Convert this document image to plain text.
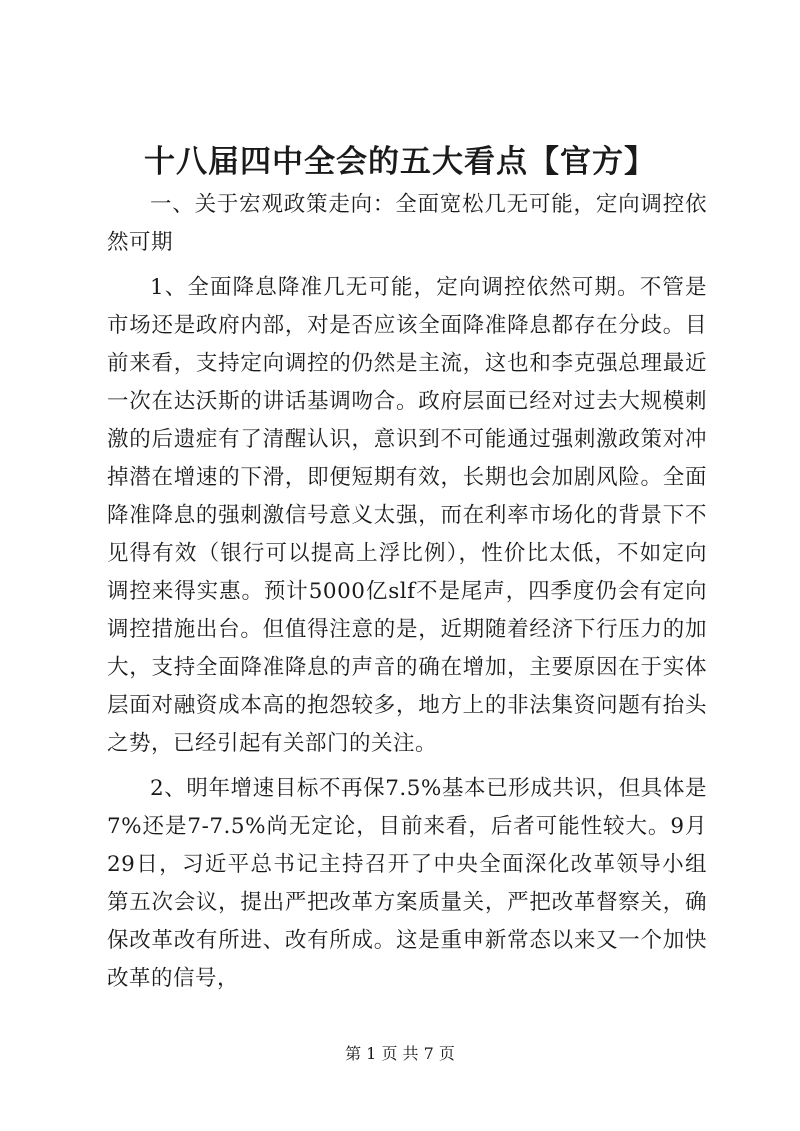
十八届四中全会的五大看点【官方】

一、关于宏观政策走向：全面宽松几无可能，定向调控依然可期

1、全面降息降准几无可能，定向调控依然可期。不管是市场还是政府内部，对是否应该全面降准降息都存在分歧。目前来看，支持定向调控的仍然是主流，这也和李克强总理最近一次在达沃斯的讲话基调吻合。政府层面已经对过去大规模刺激的后遗症有了清醒认识，意识到不可能通过强刺激政策对冲掉潜在增速的下滑，即便短期有效，长期也会加剧风险。全面降准降息的强刺激信号意义太强，而在利率市场化的背景下不见得有效（银行可以提高上浮比例），性价比太低，不如定向调控来得实惠。预计5000亿slf不是尾声，四季度仍会有定向调控措施出台。但值得注意的是，近期随着经济下行压力的加大，支持全面降准降息的声音的确在增加，主要原因在于实体层面对融资成本高的抱怨较多，地方上的非法集资问题有抬头之势，已经引起有关部门的关注。

2、明年增速目标不再保7.5%基本已形成共识，但具体是7%还是7-7.5%尚无定论，目前来看，后者可能性较大。9月29日，习近平总书记主持召开了中央全面深化改革领导小组第五次会议，提出严把改革方案质量关，严把改革督察关，确保改革改有所进、改有所成。这是重申新常态以来又一个加快改革的信号，

第 1 页 共 7 页
